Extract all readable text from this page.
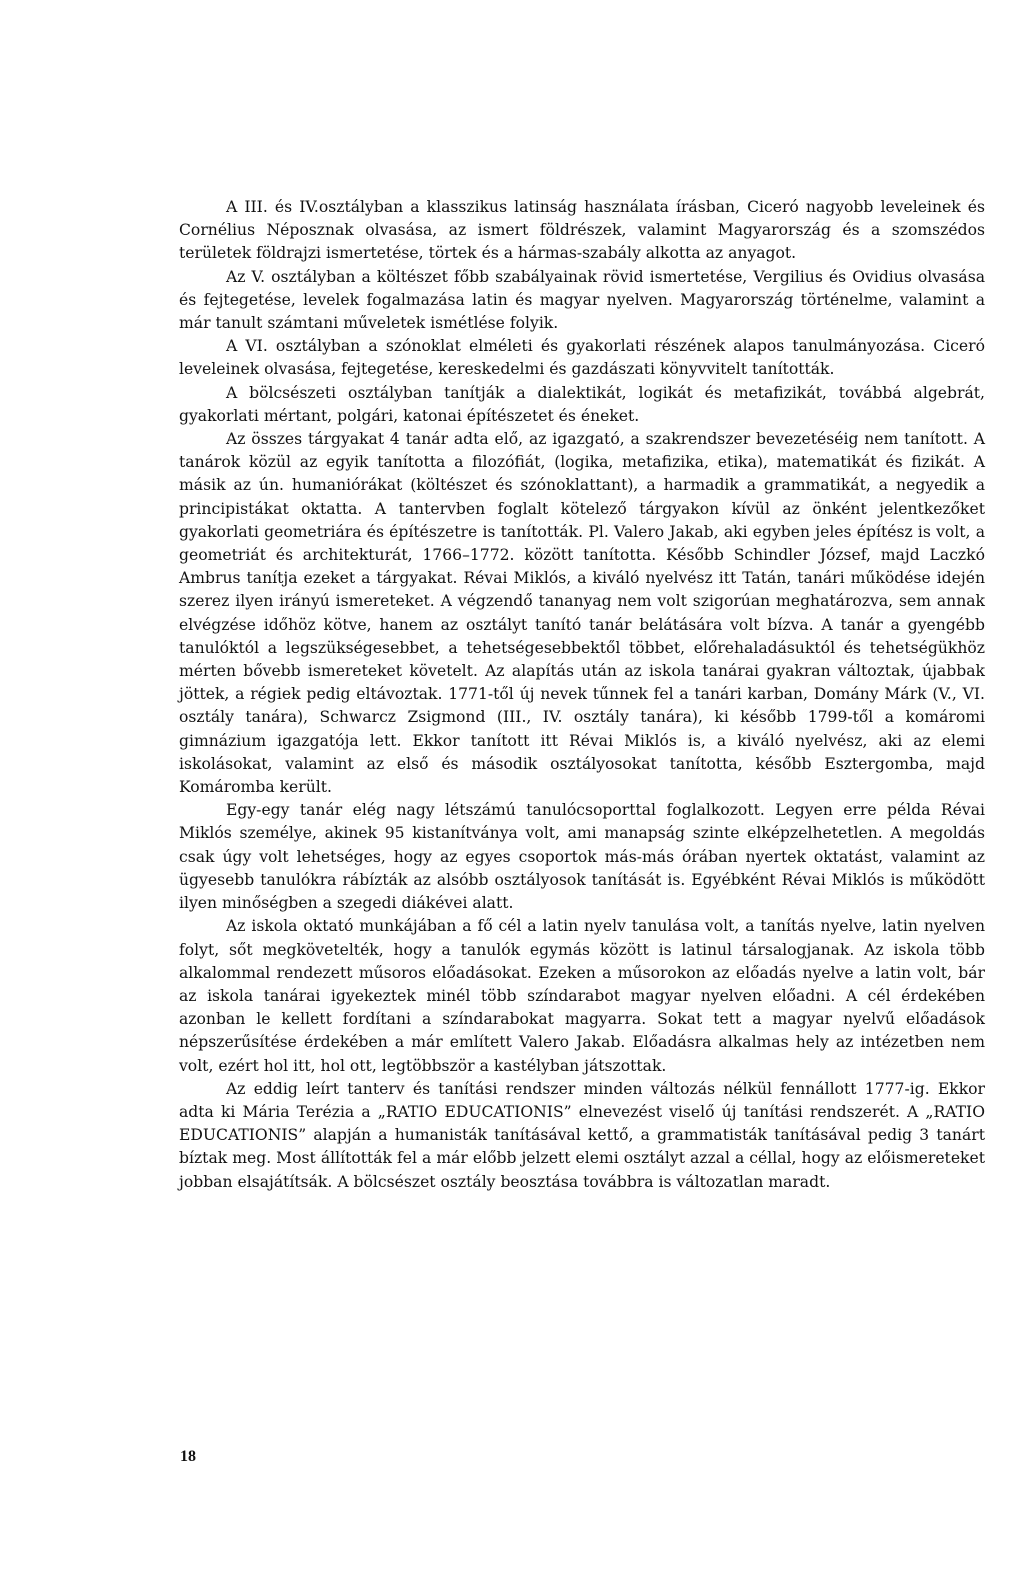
A III. és IV.osztályban a klasszikus latinság használata írásban, Ciceró nagyobb leveleinek és Cornélius Néposznak olvasása, az ismert földrészek, valamint Magyarország és a szomszédos területek földrajzi ismertetése, törtek és a hármas-szabály alkotta az anyagot.

Az V. osztályban a költészet főbb szabályainak rövid ismertetése, Vergilius és Ovidius olvasása és fejtegetése, levelek fogalmazása latin és magyar nyelven. Magyarország történelme, valamint a már tanult számtani műveletek ismétlése folyik.

A VI. osztályban a szónoklat elméleti és gyakorlati részének alapos tanulmányozása. Ciceró leveleinek olvasása, fejtegetése, kereskedelmi és gazdászati könyvvitelt tanították.

A bölcsészeti osztályban tanítják a dialektikát, logikát és metafizikát, továbbá algebrát, gyakorlati mértant, polgári, katonai építészetet és éneket.

Az összes tárgyakat 4 tanár adta elő, az igazgató, a szakrendszer bevezetéséig nem tanított. A tanárok közül az egyik tanította a filozófiát, (logika, metafizika, etika), matematikát és fizikát. A másik az ún. humaniórákat (költészet és szónoklattant), a harmadik a grammatikát, a negyedik a principistákat oktatta. A tantervben foglalt kötelező tárgyakon kívül az önként jelentkezőket gyakorlati geometriára és építészetre is tanították. Pl. Valero Jakab, aki egyben jeles építész is volt, a geometriát és architekturát, 1766–1772. között tanította. Később Schindler József, majd Laczkó Ambrus tanítja ezeket a tárgyakat. Révai Miklós, a kiváló nyelvész itt Tatán, tanári működése idején szerez ilyen irányú ismereteket. A végzendő tananyag nem volt szigorúan meghatározva, sem annak elvégzése időhöz kötve, hanem az osztályt tanító tanár belátására volt bízva. A tanár a gyengébb tanulóktól a legszükségesebbet, a tehetségesebbektől többet, előrehaladásuktól és tehetségükhöz mérten bővebb ismereteket követelt. Az alapítás után az iskola tanárai gyakran változtak, újabbak jöttek, a régiek pedig eltávoztak. 1771-től új nevek tűnnek fel a tanári karban, Domány Márk (V., VI. osztály tanára), Schwarcz Zsigmond (III., IV. osztály tanára), ki később 1799-től a komáromi gimnázium igazgatója lett. Ekkor tanított itt Révai Miklós is, a kiváló nyelvész, aki az elemi iskolásokat, valamint az első és második osztályosokat tanította, később Esztergomba, majd Komáromba került.

Egy-egy tanár elég nagy létszámú tanulócsoporttal foglalkozott. Legyen erre példa Révai Miklós személye, akinek 95 kistanítványa volt, ami manapság szinte elképzelhetetlen. A megoldás csak úgy volt lehetséges, hogy az egyes csoportok más-más órában nyertek oktatást, valamint az ügyesebb tanulókra rábízták az alsóbb osztályosok tanítását is. Egyébként Révai Miklós is működött ilyen minőségben a szegedi diákévei alatt.

Az iskola oktató munkájában a fő cél a latin nyelv tanulása volt, a tanítás nyelve, latin nyelven folyt, sőt megkövetelték, hogy a tanulók egymás között is latinul társalogjanak. Az iskola több alkalommal rendezett műsoros előadásokat. Ezeken a műsorokon az előadás nyelve a latin volt, bár az iskola tanárai igyekeztek minél több színdarabot magyar nyelven előadni. A cél érdekében azonban le kellett fordítani a színdarabokat magyarra. Sokat tett a magyar nyelvű előadások népszerűsítése érdekében a már említett Valero Jakab. Előadásra alkalmas hely az intézetben nem volt, ezért hol itt, hol ott, legtöbbször a kastélyban játszottak.

Az eddig leírt tanterv és tanítási rendszer minden változás nélkül fennállott 1777-ig. Ekkor adta ki Mária Terézia a „RATIO EDUCATIONIS” elnevezést viselő új tanítási rendszerét. A „RATIO EDUCATIONIS” alapján a humanisták tanításával kettő, a grammatisták tanításával pedig 3 tanárt bíztak meg. Most állították fel a már előbb jelzett elemi osztályt azzal a céllal, hogy az előismereteket jobban elsajátítsák. A bölcsészet osztály beosztása továbbra is változatlan maradt.

18
